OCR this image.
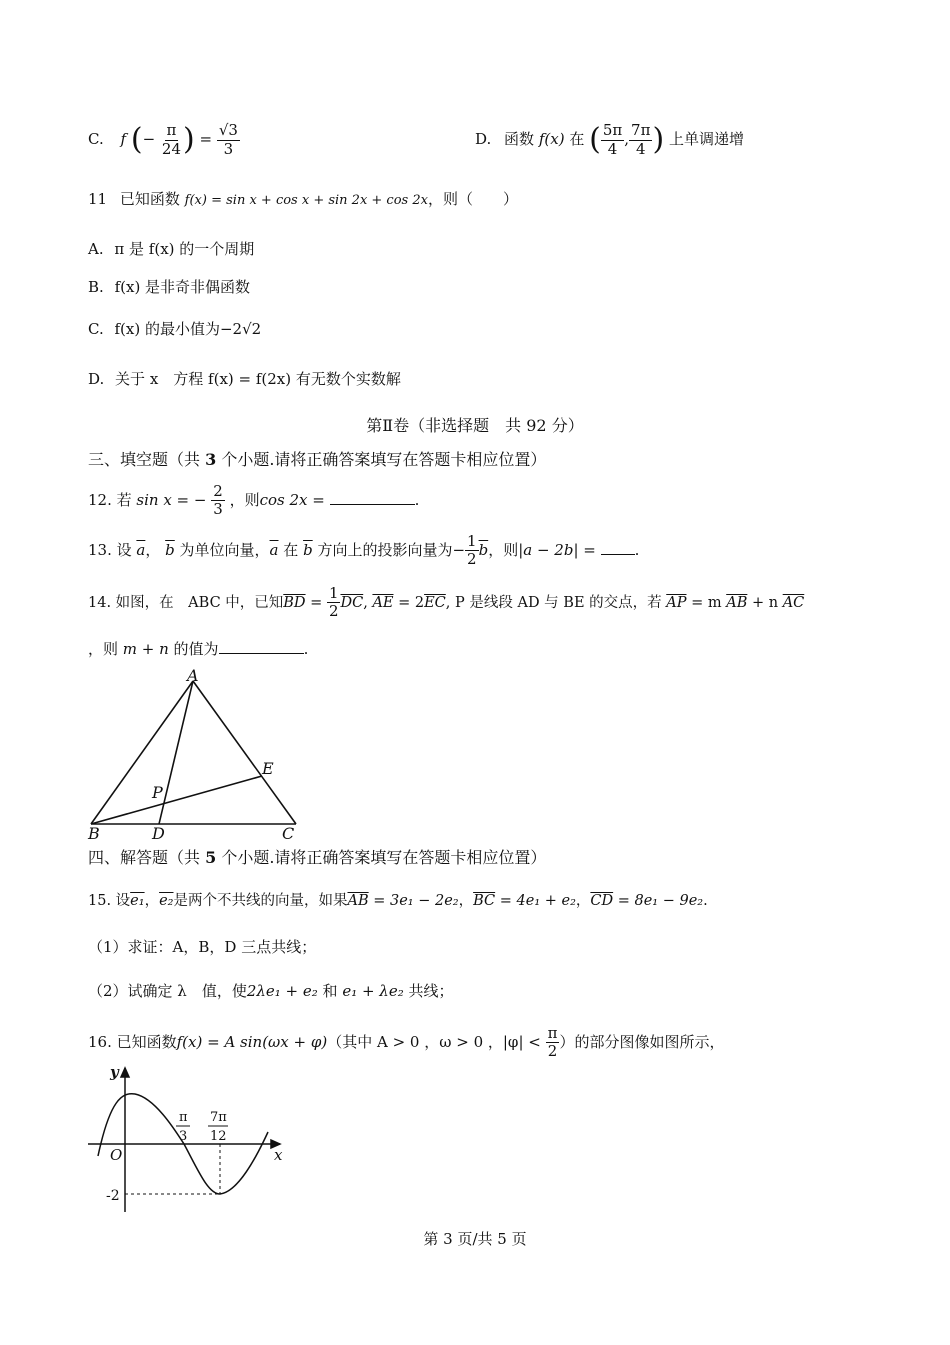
C. f (− $\frac{\pi}{24}$ ) = $\frac{√3}{3}$	D. 函数 f(x) 在 ( $\frac{5\pi}{4}$ , $\frac{7\pi}{4}$ ) 上单调递增
11 已知函数 f(x) = sin x + cos x + sin 2x + cos 2x，则（　　）
A. π 是 f(x) 的一个周期
B. f(x) 是非奇非偶函数
C. f(x) 的最小值为−2√2
D. 关于 x　方程 f(x) = f(2x) 有无数个实数解
第Ⅱ卷（非选择题　共 92 分）
三、填空题（共 3 个小题.请将正确答案填写在答题卡相应位置）
12. 若 sin x = − $\frac{2}{3}$ ，则cos 2x =	.
13. 设 $\overline{a}$， $\overline{b}$ 为单位向量，$\overline{a}$ 在 $\overline{b}$ 方向上的投影向量为− $\frac{1}{2} \overline{b}$，则|a − 2b| = .
14. 如图，在　ABC 中，已知$\overline{BD} = \frac{1}{2} \overline{DC}$, $\overline{AE} = 2\overline{EC}$, P 是线段 AD 与 BE 的交点，若 $\overline{AP} = m$ $\overline{AB} + n$ $\overline{AC}$
，则 m + n 的值为	.
A
B	C
D
E
P
四、解答题（共 5 个小题.请将正确答案填写在答题卡相应位置）
15. 设e₁，e₂是两个不共线的向量，如果$\overline{AB} = 3e_1 - 2e_2$，$\overline{BC} = 4e_1 + e_2$，$\overline{CD} = 8e_1 - 9e_2$.
（1）求证：A，B，D 三点共线；
（2）试确定 λ　值，使2λe₁ + e₂ 和 e₁ + λe₂ 共线；
16. 已知函数f(x) = A sin(ωx + φ)（其中 A > 0 ，ω > 0 ，$|\varphi| < \frac{\pi}{2}$ ）的部分图像如图所示，
y
x
O
π
3
7π
12
-2
第 3 页/共 5 页
